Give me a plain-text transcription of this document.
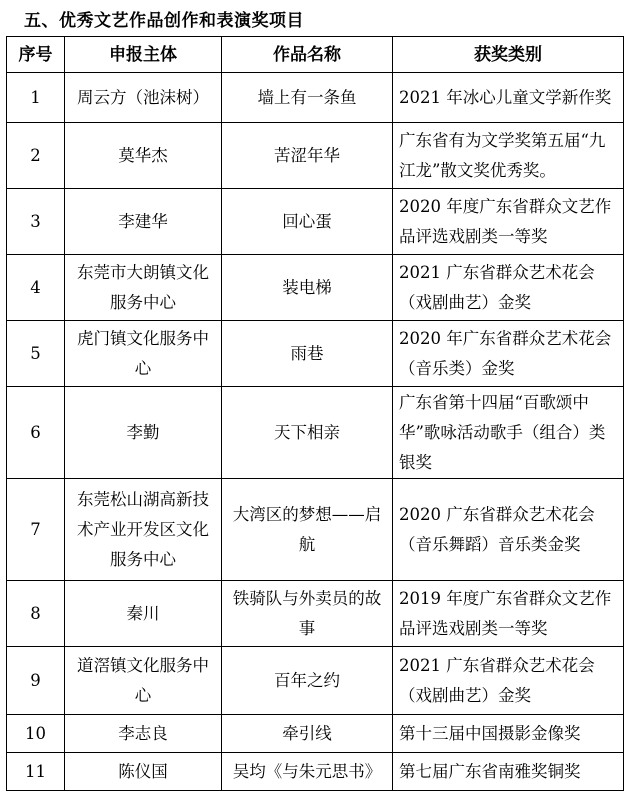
五、优秀文艺作品创作和表演奖项目
序号	申报主体	作品名称	获奖类别
1	周云方（池沫树）	墙上有一条鱼	2021 年冰心儿童文学新作奖
2	莫华杰	苦涩年华	广东省有为文学奖第五届“九江龙”散文奖优秀奖。
3	李建华	回心蛋	2020 年度广东省群众文艺作品评选戏剧类一等奖
4	东莞市大朗镇文化服务中心	装电梯	2021 广东省群众艺术花会（戏剧曲艺）金奖
5	虎门镇文化服务中心	雨巷	2020 年广东省群众艺术花会（音乐类）金奖
6	李勤	天下相亲	广东省第十四届“百歌颂中华”歌咏活动歌手（组合）类银奖
7	东莞松山湖高新技术产业开发区文化服务中心	大湾区的梦想——启航	2020 广东省群众艺术花会（音乐舞蹈）音乐类金奖
8	秦川	铁骑队与外卖员的故事	2019 年度广东省群众文艺作品评选戏剧类一等奖
9	道滘镇文化服务中心	百年之约	2021 广东省群众艺术花会（戏剧曲艺）金奖
10	李志良	牵引线	第十三届中国摄影金像奖
11	陈仪国	吴均《与朱元思书》	第七届广东省南雅奖铜奖
